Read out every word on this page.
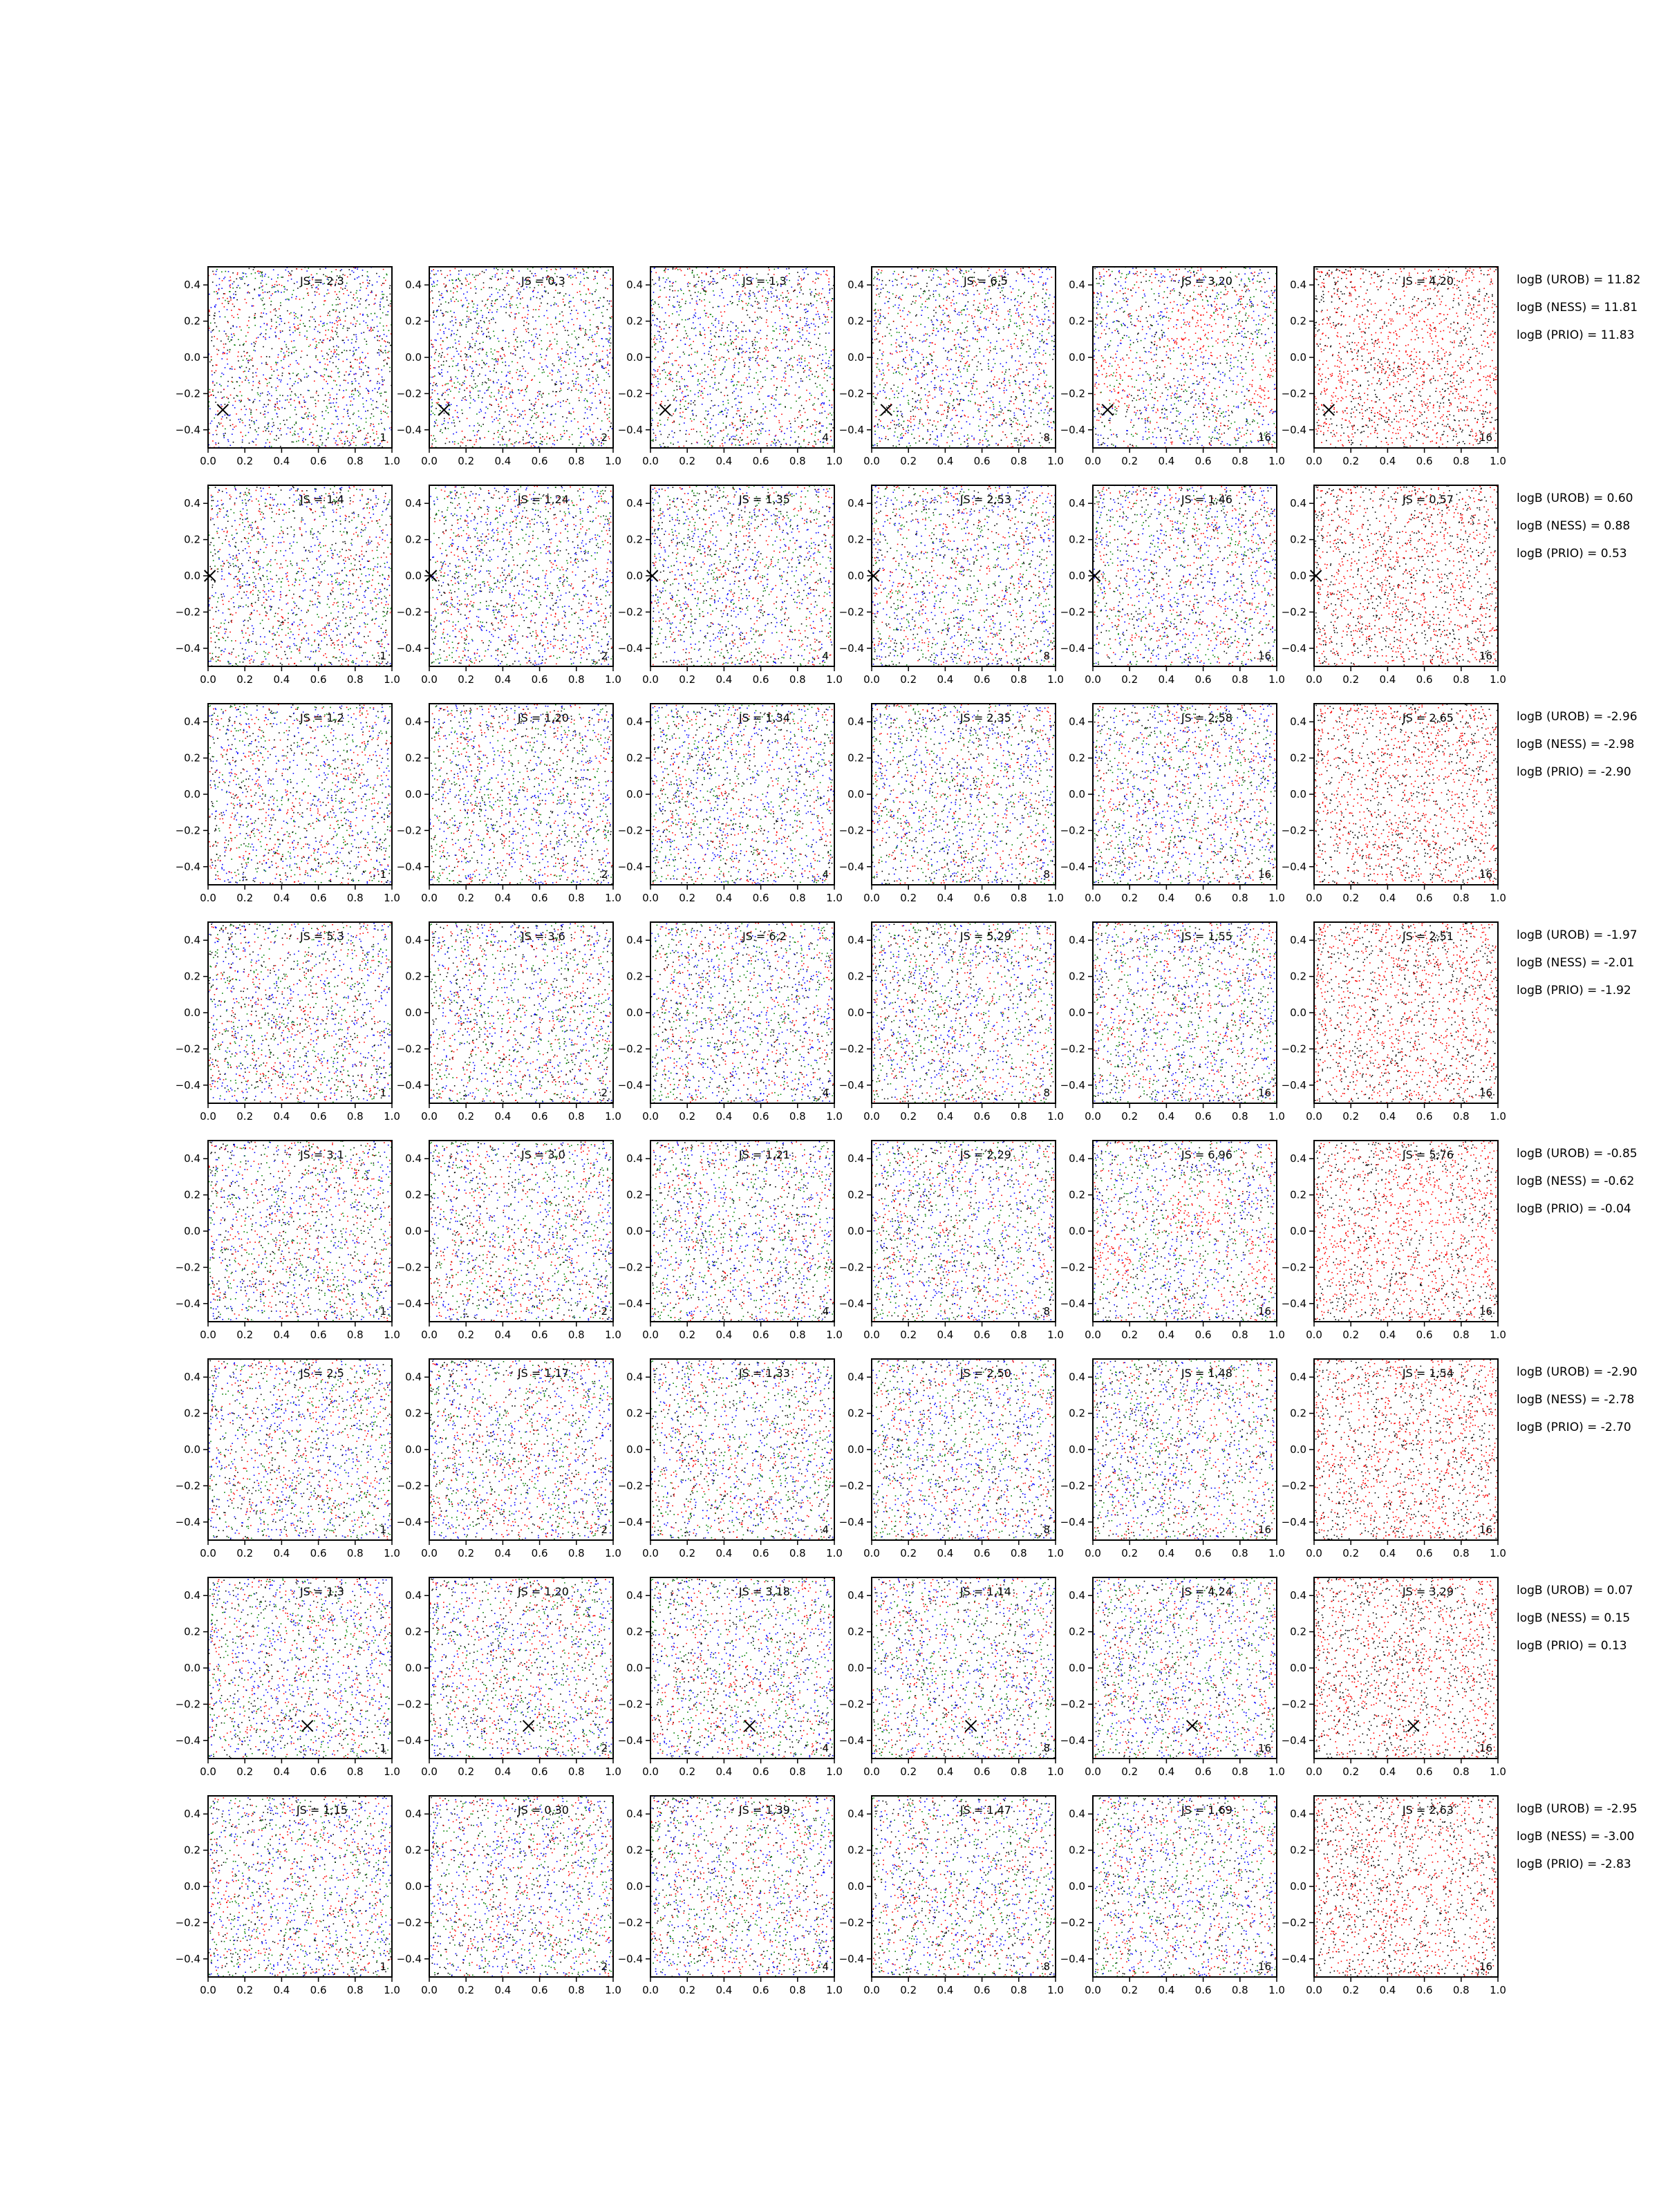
0.0 0.2 0.4 0.6 0.8 1.0
0.4
0.2
0.0
−0.2
−0.4
JS = 2,3
1
0.0 0.2 0.4 0.6 0.8 1.0
0.4
0.2
0.0
−0.2
−0.4
JS = 0,3
2
0.0 0.2 0.4 0.6 0.8 1.0
0.4
0.2
0.0
−0.2
−0.4
JS = 1,3
4
0.0 0.2 0.4 0.6 0.8 1.0
0.4
0.2
0.0
−0.2
−0.4
JS = 6,5
8
0.0 0.2 0.4 0.6 0.8 1.0
0.4
0.2
0.0
−0.2
−0.4
JS = 3,20
16
0.0 0.2 0.4 0.6 0.8 1.0
0.4
0.2
0.0
−0.2
−0.4
JS = 4,20
16
logB (UROB) = 11.82
logB (NESS) = 11.81
logB (PRIO) = 11.83
0.0 0.2 0.4 0.6 0.8 1.0
0.4
0.2
0.0
−0.2
−0.4
JS = 1,4
1
0.0 0.2 0.4 0.6 0.8 1.0
0.4
0.2
0.0
−0.2
−0.4
JS = 1,24
2
0.0 0.2 0.4 0.6 0.8 1.0
0.4
0.2
0.0
−0.2
−0.4
JS = 1,35
4
0.0 0.2 0.4 0.6 0.8 1.0
0.4
0.2
0.0
−0.2
−0.4
JS = 2,53
8
0.0 0.2 0.4 0.6 0.8 1.0
0.4
0.2
0.0
−0.2
−0.4
JS = 1,46
16
0.0 0.2 0.4 0.6 0.8 1.0
0.4
0.2
0.0
−0.2
−0.4
JS = 0,57
16
logB (UROB) = 0.60
logB (NESS) = 0.88
logB (PRIO) = 0.53
0.0 0.2 0.4 0.6 0.8 1.0
0.4
0.2
0.0
−0.2
−0.4
JS = 1,2
1
0.0 0.2 0.4 0.6 0.8 1.0
0.4
0.2
0.0
−0.2
−0.4
JS = 1,20
2
0.0 0.2 0.4 0.6 0.8 1.0
0.4
0.2
0.0
−0.2
−0.4
JS = 1,34
4
0.0 0.2 0.4 0.6 0.8 1.0
0.4
0.2
0.0
−0.2
−0.4
JS = 2,35
8
0.0 0.2 0.4 0.6 0.8 1.0
0.4
0.2
0.0
−0.2
−0.4
JS = 2,58
16
0.0 0.2 0.4 0.6 0.8 1.0
0.4
0.2
0.0
−0.2
−0.4
JS = 2,65
16
logB (UROB) = -2.96
logB (NESS) = -2.98
logB (PRIO) = -2.90
0.0 0.2 0.4 0.6 0.8 1.0
0.4
0.2
0.0
−0.2
−0.4
JS = 5,3
1
0.0 0.2 0.4 0.6 0.8 1.0
0.4
0.2
0.0
−0.2
−0.4
JS = 3,6
2
0.0 0.2 0.4 0.6 0.8 1.0
0.4
0.2
0.0
−0.2
−0.4
JS = 6,2
4
0.0 0.2 0.4 0.6 0.8 1.0
0.4
0.2
0.0
−0.2
−0.4
JS = 5,29
8
0.0 0.2 0.4 0.6 0.8 1.0
0.4
0.2
0.0
−0.2
−0.4
JS = 1,55
16
0.0 0.2 0.4 0.6 0.8 1.0
0.4
0.2
0.0
−0.2
−0.4
JS = 2,51
16
logB (UROB) = -1.97
logB (NESS) = -2.01
logB (PRIO) = -1.92
0.0 0.2 0.4 0.6 0.8 1.0
0.4
0.2
0.0
−0.2
−0.4
JS = 3,1
1
0.0 0.2 0.4 0.6 0.8 1.0
0.4
0.2
0.0
−0.2
−0.4
JS = 3,0
2
0.0 0.2 0.4 0.6 0.8 1.0
0.4
0.2
0.0
−0.2
−0.4
JS = 1,21
4
0.0 0.2 0.4 0.6 0.8 1.0
0.4
0.2
0.0
−0.2
−0.4
JS = 2,29
8
0.0 0.2 0.4 0.6 0.8 1.0
0.4
0.2
0.0
−0.2
−0.4
JS = 6,96
16
0.0 0.2 0.4 0.6 0.8 1.0
0.4
0.2
0.0
−0.2
−0.4
JS = 5,76
16
logB (UROB) = -0.85
logB (NESS) = -0.62
logB (PRIO) = -0.04
0.0 0.2 0.4 0.6 0.8 1.0
0.4
0.2
0.0
−0.2
−0.4
JS = 2,5
1
0.0 0.2 0.4 0.6 0.8 1.0
0.4
0.2
0.0
−0.2
−0.4
JS = 1,17
2
0.0 0.2 0.4 0.6 0.8 1.0
0.4
0.2
0.0
−0.2
−0.4
JS = 1,33
4
0.0 0.2 0.4 0.6 0.8 1.0
0.4
0.2
0.0
−0.2
−0.4
JS = 2,50
8
0.0 0.2 0.4 0.6 0.8 1.0
0.4
0.2
0.0
−0.2
−0.4
JS = 1,48
16
0.0 0.2 0.4 0.6 0.8 1.0
0.4
0.2
0.0
−0.2
−0.4
JS = 1,54
16
logB (UROB) = -2.90
logB (NESS) = -2.78
logB (PRIO) = -2.70
0.0 0.2 0.4 0.6 0.8 1.0
0.4
0.2
0.0
−0.2
−0.4
JS = 1,3
1
0.0 0.2 0.4 0.6 0.8 1.0
0.4
0.2
0.0
−0.2
−0.4
JS = 1,20
2
0.0 0.2 0.4 0.6 0.8 1.0
0.4
0.2
0.0
−0.2
−0.4
JS = 3,18
4
0.0 0.2 0.4 0.6 0.8 1.0
0.4
0.2
0.0
−0.2
−0.4
JS = 1,14
8
0.0 0.2 0.4 0.6 0.8 1.0
0.4
0.2
0.0
−0.2
−0.4
JS = 4,24
16
0.0 0.2 0.4 0.6 0.8 1.0
0.4
0.2
0.0
−0.2
−0.4
JS = 3,29
16
logB (UROB) = 0.07
logB (NESS) = 0.15
logB (PRIO) = 0.13
0.0 0.2 0.4 0.6 0.8 1.0
0.4
0.2
0.0
−0.2
−0.4
JS = 1,15
1
0.0 0.2 0.4 0.6 0.8 1.0
0.4
0.2
0.0
−0.2
−0.4
JS = 0,30
2
0.0 0.2 0.4 0.6 0.8 1.0
0.4
0.2
0.0
−0.2
−0.4
JS = 1,39
4
0.0 0.2 0.4 0.6 0.8 1.0
0.4
0.2
0.0
−0.2
−0.4
JS = 1,47
8
0.0 0.2 0.4 0.6 0.8 1.0
0.4
0.2
0.0
−0.2
−0.4
JS = 1,69
16
0.0 0.2 0.4 0.6 0.8 1.0
0.4
0.2
0.0
−0.2
−0.4
JS = 2,63
16
logB (UROB) = -2.95
logB (NESS) = -3.00
logB (PRIO) = -2.83
